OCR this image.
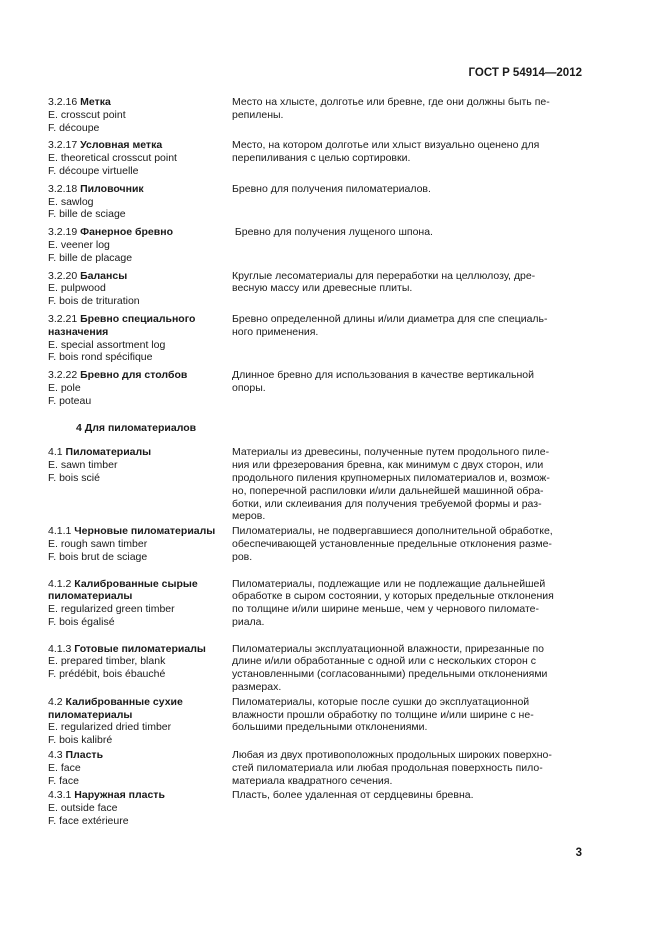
ГОСТ Р 54914—2012
3.2.16 Метка
E. crosscut point
F. découpe
Место на хлысте, долготье или бревне, где они должны быть пе-
репилены.
3.2.17 Условная метка
E. theoretical crosscut point
F. découpe virtuelle
Место, на котором долготье или хлыст визуально оценено для
перепиливания с целью сортировки.
3.2.18 Пиловочник
E. sawlog
F. bille de sciage
Бревно для получения пиломатериалов.
3.2.19 Фанерное бревно
E. veener log
F. bille de placage
Бревно для получения лущеного шпона.
3.2.20 Балансы
E. pulpwood
F. bois de trituration
Круглые лесоматериалы для переработки на целлюлозу, дре-
весную массу или древесные плиты.
3.2.21 Бревно специального
назначения
E. special assortment log
F. bois rond spécifique
Бревно определенной длины и/или диаметра для спе специаль-
ного применения.
3.2.22 Бревно для столбов
E. pole
F. poteau
Длинное бревно для использования в качестве вертикальной
опоры.
4 Для пиломатериалов
4.1 Пиломатериалы
E. sawn timber
F. bois scié
Материалы из древесины, полученные путем продольного пиле-
ния или фрезерования бревна, как минимум с двух сторон, или
продольного пиления крупномерных пиломатериалов и, возмож-
но, поперечной распиловки и/или дальнейшей машинной обра-
ботки, или склеивания для получения требуемой формы и раз-
меров.
4.1.1 Черновые пиломатериалы
E. rough sawn timber
F. bois brut de sciage
Пиломатериалы, не подвергавшиеся дополнительной обработке,
обеспечивающей установленные предельные отклонения разме-
ров.
4.1.2 Калиброванные сырые
пиломатериалы
E. regularized green timber
F. bois égalisé
Пиломатериалы, подлежащие или не подлежащие дальнейшей
обработке в сыром состоянии, у которых предельные отклонения
по толщине и/или ширине меньше, чем у чернового пиломате-
риала.
4.1.3 Готовые пиломатериалы
E. prepared timber, blank
F. prédébit, bois ébauché
Пиломатериалы эксплуатационной влажности, прирезанные по
длине и/или обработанные с одной или с нескольких сторон с
установленными (согласованными) предельными отклонениями
размерах.
4.2 Калиброванные сухие
пиломатериалы
E. regularized dried timber
F. bois kalibré
Пиломатериалы, которые после сушки до эксплуатационной
влажности прошли обработку по толщине и/или ширине с не-
большими предельными отклонениями.
4.3 Пласть
E. face
F. face
Любая из двух противоположных продольных широких поверхно-
стей пиломатериала или любая продольная поверхность пило-
материала квадратного сечения.
4.3.1 Наружная пласть
E. outside face
F. face extérieure
Пласть, более удаленная от сердцевины бревна.
3
